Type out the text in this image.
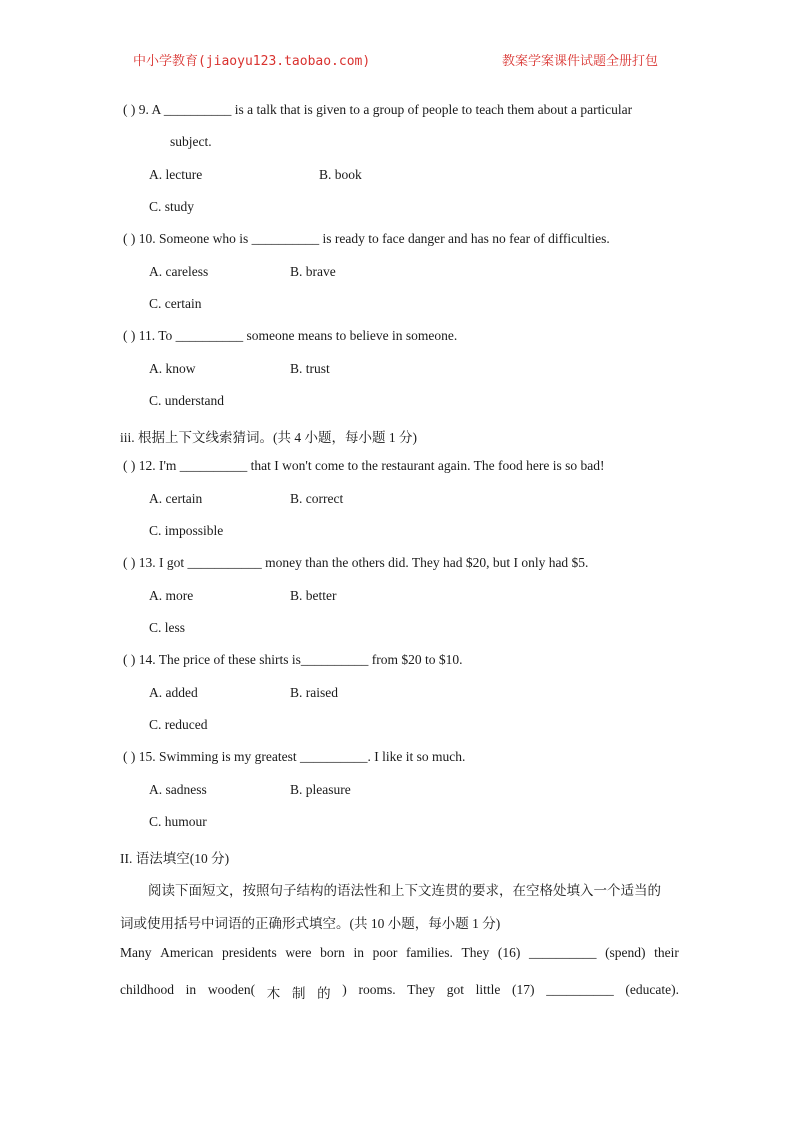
中小学教育(jiaoyu123.taobao.com)	教案学案课件试题全册打包
( ) 9. A __________ is a talk that is given to a group of people to teach them about a particular
subject.
A. lecture	B. book
C. study
( ) 10. Someone who is __________ is ready to face danger and has no fear of difficulties.
A. careless	B. brave
C. certain
( ) 11. To __________ someone means to believe in someone.
A. know	B. trust
C. understand
iii. 根据上下文线索猜词。(共 4 小题，每小题 1 分)
( ) 12. I'm __________ that I won't come to the restaurant again. The food here is so bad!
A. certain	B. correct
C. impossible
( ) 13. I got ___________ money than the others did. They had $20, but I only had $5.
A. more	B. better
C. less
( ) 14. The price of these shirts is__________ from $20 to $10.
A. added	B. raised
C. reduced
( ) 15. Swimming is my greatest __________. I like it so much.
A. sadness	B. pleasure
C. humour
II. 语法填空(10 分)
阅读下面短文，按照句子结构的语法性和上下文连贯的要求，在空格处填入一个适当的
词或使用括号中词语的正确形式填空。(共 10 小题，每小题 1 分)
Many American presidents were born in poor families. They (16) __________ (spend) their
childhood in wooden( 木 制 的 ) rooms. They got little (17) __________ (educate).
